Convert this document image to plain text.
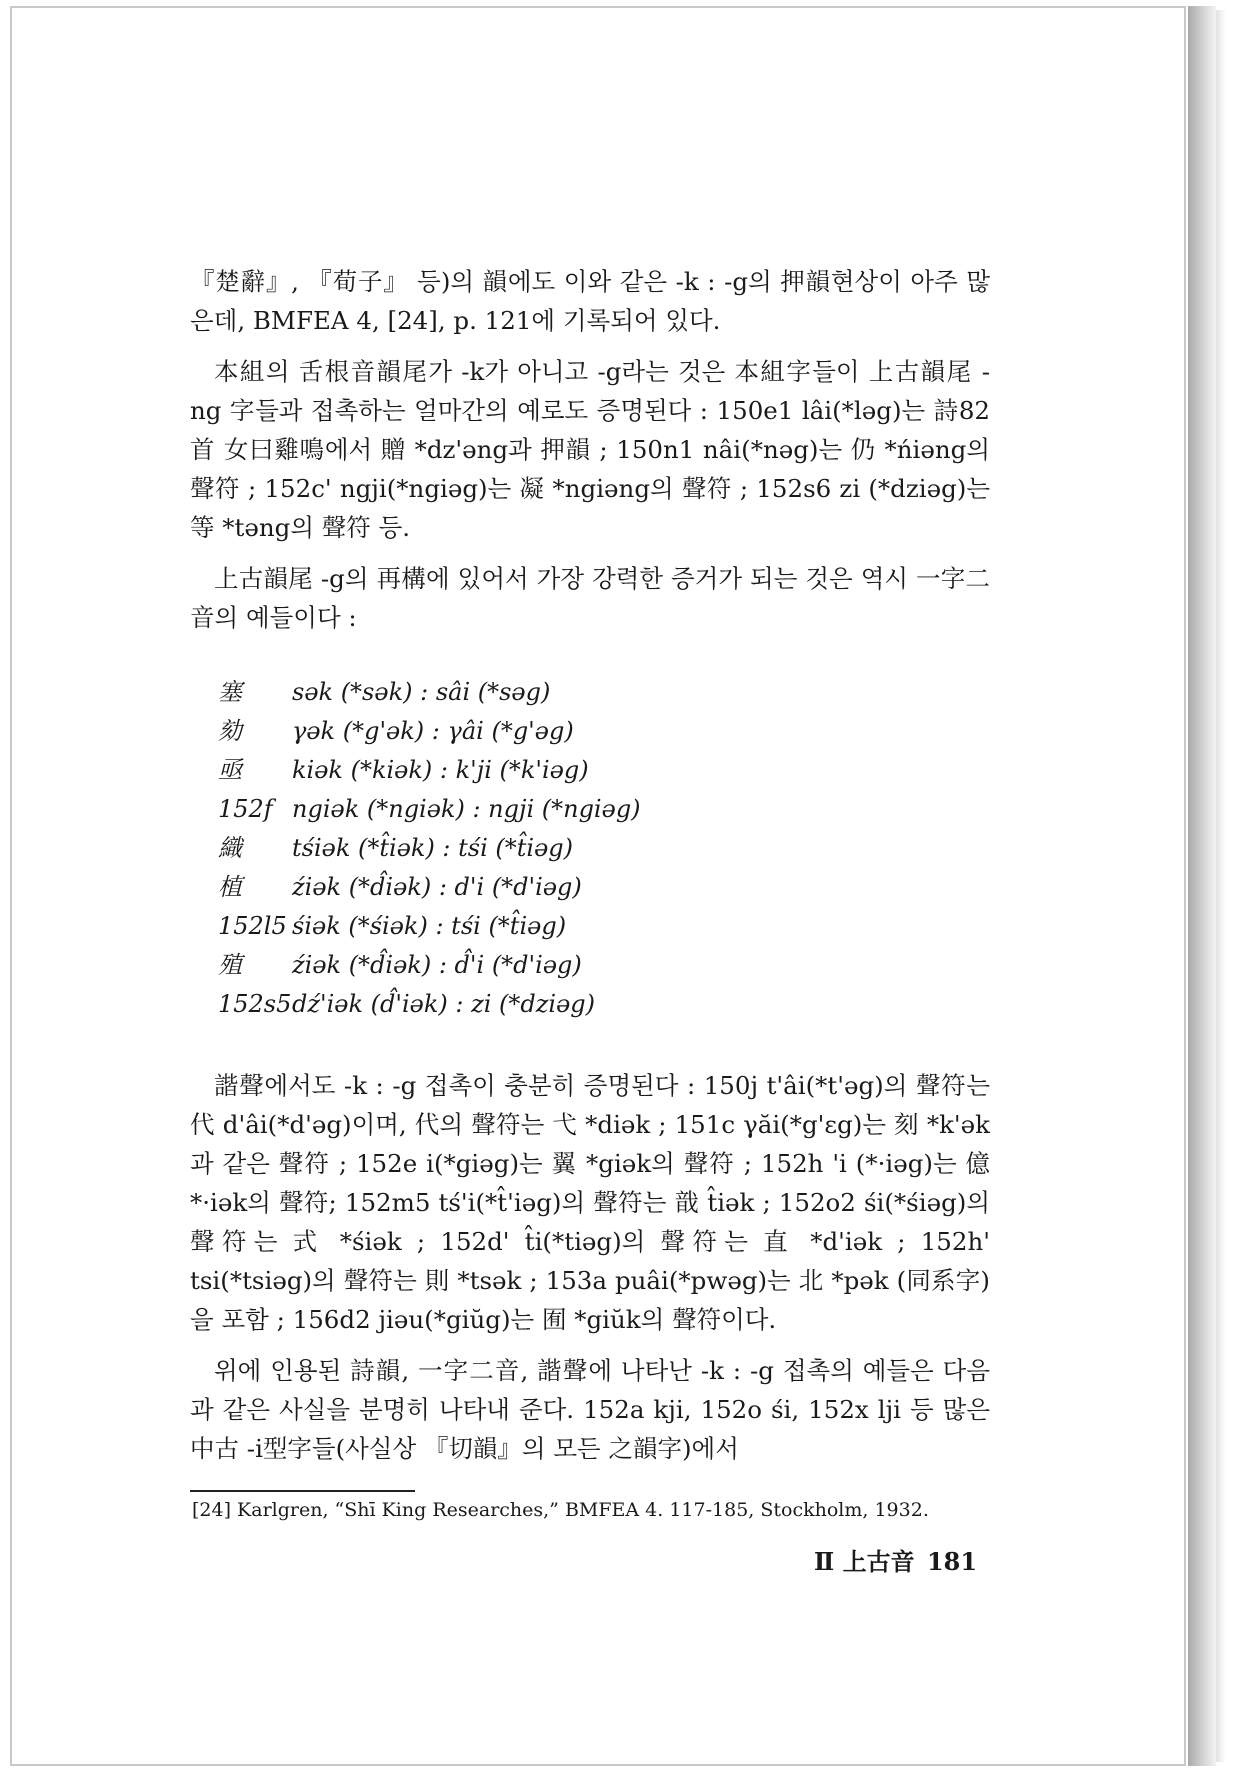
『楚辭』, 『荀子』 등)의 韻에도 이와 같은 -k : -g의 押韻현상이 아주 많은데, BMFEA 4, [24], p. 121에 기록되어 있다.

本組의 舌根音韻尾가 -k가 아니고 -g라는 것은 本組字들이 上古韻尾 -ng 字들과 접촉하는 얼마간의 예로도 증명된다 : 150e1 lâi(*ləg)는 詩82首 女曰雞鳴에서 贈 *dz'əng과 押韻 ; 150n1 nâi(*nəg)는 仍 *ńiəng의 聲符 ; 152c' ngji(*ngiəg)는 凝 *ngiəng의 聲符 ; 152s6 zi (*dziəg)는 等 *təng의 聲符 등.

上古韻尾 -g의 再構에 있어서 가장 강력한 증거가 되는 것은 역시 一字二音의 예들이다 :

塞	sək (*sək) : sâi (*səg)
劾	γək (*g'ək) : γâi (*g'əg)
亟	kiək (*kiək) : k'ji (*k'iəg)
152f ngiək (*ngiək) : ngji (*ngiəg)
織	tśiək (*t̂iək) : tśi (*t̂iəg)
植	źiək (*d̂iək) : d'i (*d'iəg)
152l5 śiək (*śiək) : tśi (*t̂iəg)
殖	źiək (*d̂iək) : d̂'i (*d'iəg)
152s5 dź'iək (d̂'iək) : zi (*dziəg)

諧聲에서도 -k : -g 접촉이 충분히 증명된다 : 150j t'âi(*t'əg)의 聲符는 代 d'âi(*d'əg)이며, 代의 聲符는 弋 *diək ; 151c γăi(*g'εg)는 刻 *k'ək과 같은 聲符 ; 152e i(*giəg)는 翼 *giək의 聲符 ; 152h 'i (*·iəg)는 億 *·iək의 聲符; 152m5 tś'i(*t̂'iəg)의 聲符는 戠 t̂iək ; 152o2 śi(*śiəg)의 聲符는 式 *śiək ; 152d' t̂i(*tiəg)의 聲符는 直 *d'iək ; 152h' tsi(*tsiəg)의 聲符는 則 *tsək ; 153a puâi(*pwəg)는 北 *pək (同系字)을 포함 ; 156d2 jiəu(*giŭg)는 囿 *giŭk의 聲符이다.

위에 인용된 詩韻, 一字二音, 諧聲에 나타난 -k : -g 접촉의 예들은 다음과 같은 사실을 분명히 나타내 준다. 152a kji, 152o śi, 152x lji 등 많은 中古 -i型字들(사실상 『切韻』의 모든 之韻字)에서

[24] Karlgren, “Shī King Researches,” BMFEA 4. 117-185, Stockholm, 1932.
Ⅱ 上古音 181
